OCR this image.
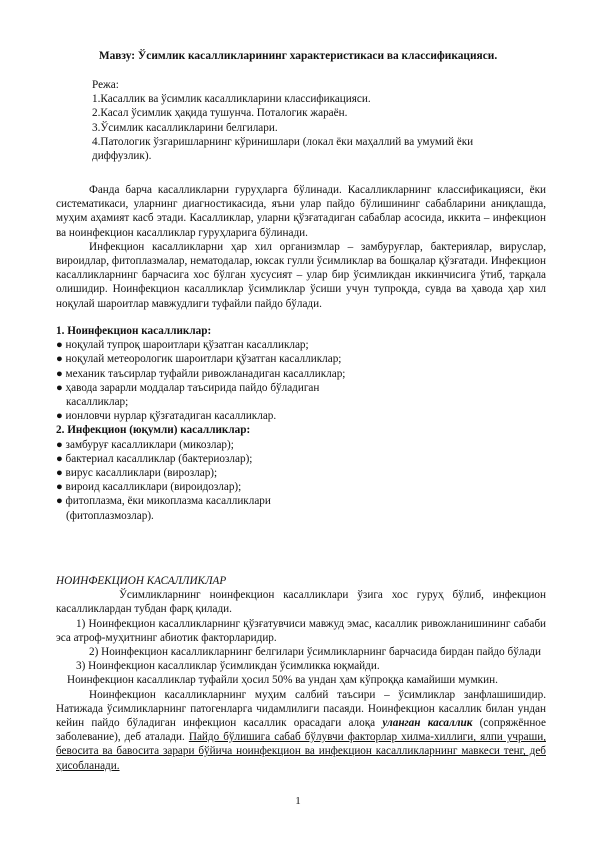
Мавзу: Ўсимлик касалликларининг характеристикаси ва классификацияси.
Режа:
1.Касаллик ва ўсимлик касалликларини классификацияси.
2.Касал ўсимлик ҳақида тушунча. Поталогик жараён.
3.Ўсимлик касалликларини белгилари.
4.Патологик ўзгаришларнинг кўринишлари (локал ёки маҳаллий ва умумий ёки
диффузлик).

Фанда барча касалликларни гуруҳларга бўлинади. Касалликларнинг классификацияси, ёки систематикаси, уларнинг диагностикасида, яъни улар пайдо бўлишининг сабабларини аниқлашда, муҳим аҳамият касб этади. Касалликлар, уларни қўзғатадиган сабаблар асосида, иккита – инфекцион ва ноинфекцион касалликлар гуруҳларига бўлинади.

Инфекцион касалликларни ҳар хил организмлар – замбуруғлар, бактериялар, вируслар, вироидлар, фитоплазмалар, нематодалар, юксак гулли ўсимликлар ва бошқалар қўзғатади. Инфекцион касалликларнинг барчасига хос бўлган хусусият – улар бир ўсимликдан иккинчисига ўтиб, тарқала олишидир. Ноинфекцион касалликлар ўсимликлар ўсиши учун тупроқда, сувда ва ҳавода ҳар хил ноқулай шароитлар мавжудлиги туфайли пайдо бўлади.

1. Ноинфекцион касалликлар:
● ноқулай тупроқ шароитлари қўзатган касалликлар;
● ноқулай метеорологик шароитлари қўзатган касалликлар;
● механик таъсирлар туфайли ривожланадиган касалликлар;
● ҳавода зарарли моддалар таъсирида пайдо бўладиган касалликлар;
● ионловчи нурлар қўзғатадиган касалликлар.
2. Инфекцион (юқумли) касалликлар:
● замбуруғ касалликлари (микозлар);
● бактериал касалликлар (бактериозлар);
● вирус касалликлари (вирозлар);
● вироид касалликлари (вироидозлар);
● фитоплазма, ёки микоплазма касалликлари (фитоплазмозлар).
НОИНФЕКЦИОН КАСАЛЛИКЛАР

Ўсимликларнинг ноинфекцион касалликлари ўзига хос гуруҳ бўлиб, инфекцион касалликлардан тубдан фарқ қилади.

1) Ноинфекцион касалликларнинг қўзғатувчиси мавжуд эмас, касаллик ривожланишининг сабаби эса атроф-муҳитнинг абиотик факторларидир.

2) Ноинфекцион касалликларнинг белгилари ўсимликларнинг барчасида бирдан пайдо бўлади

3) Ноинфекцион касалликлар ўсимликдан ўсимликка юқмайди.

Ноинфекцион касалликлар туфайли ҳосил 50% ва ундан ҳам кўпроққа камайиши мумкин.

Ноинфекцион касалликларнинг муҳим салбий таъсири – ўсимликлар занфлашишидир. Натижада ўсимликларнинг патогенларга чидамлилиги пасаяди. Ноинфекцион касаллик билан ундан кейин пайдо бўладиган инфекцион касаллик орасадаги алоқа уланган касаллик (сопряжённое заболевание), деб аталади. Пайдо бўлишига сабаб бўлувчи факторлар хилма-хиллиги, ялпи учраши, бевосита ва бавосита зарари бўйича ноинфекцион ва инфекцион касалликларнинг мавкеси тенг, деб ҳисобланади.

1
